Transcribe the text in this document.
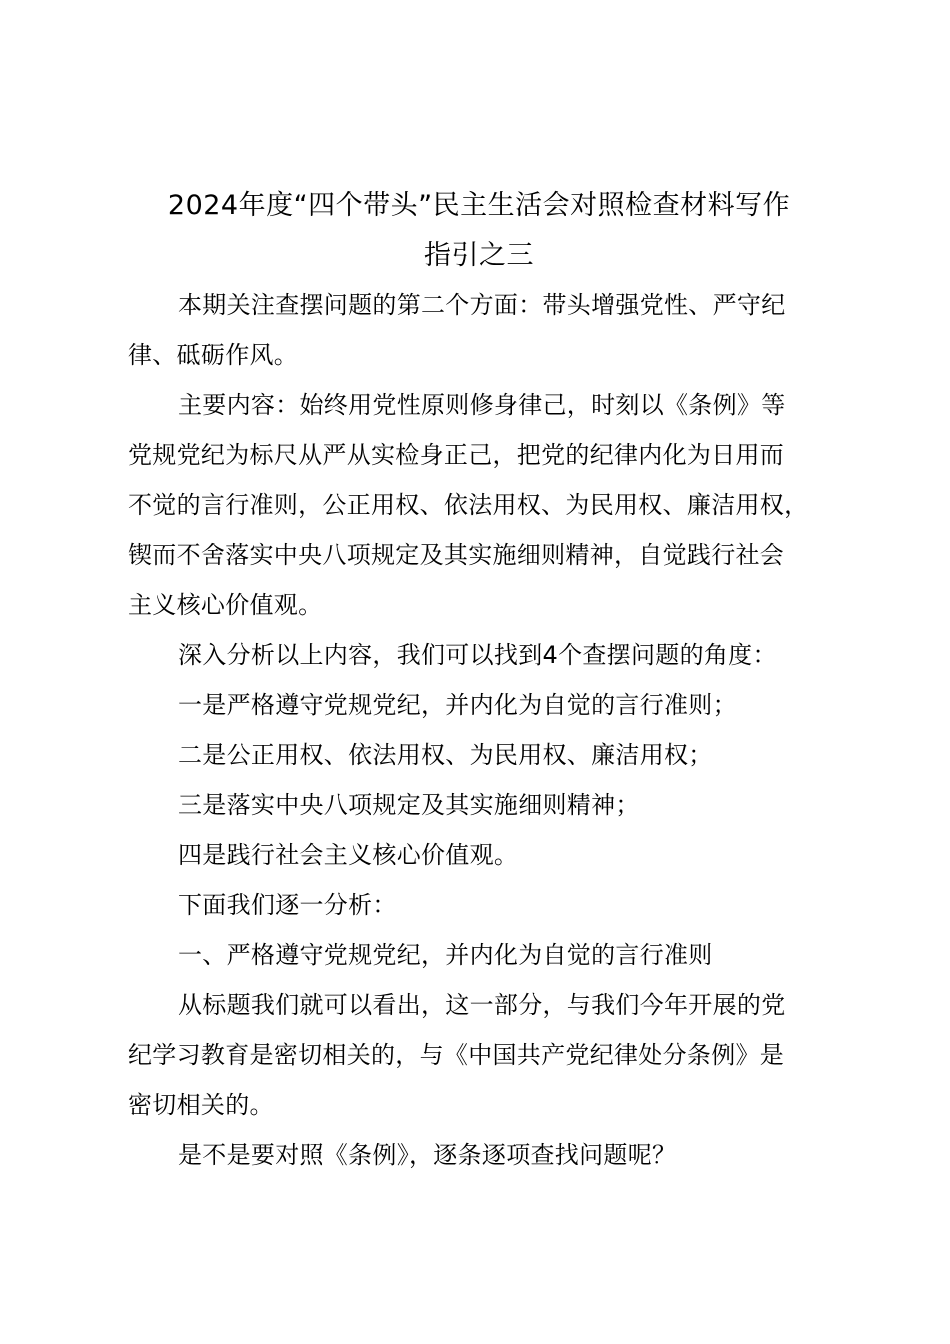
2024年度“四个带头”民主生活会对照检查材料写作
指引之三
本期关注查摆问题的第二个方面：带头增强党性、严守纪
律、砥砺作风。
主要内容：始终用党性原则修身律己，时刻以《条例》等
党规党纪为标尺从严从实检身正己，把党的纪律内化为日用而
不觉的言行准则，公正用权、依法用权、为民用权、廉洁用权，
锲而不舍落实中央八项规定及其实施细则精神，自觉践行社会
主义核心价值观。
深入分析以上内容，我们可以找到4个查摆问题的角度：
一是严格遵守党规党纪，并内化为自觉的言行准则；
二是公正用权、依法用权、为民用权、廉洁用权；
三是落实中央八项规定及其实施细则精神；
四是践行社会主义核心价值观。
下面我们逐一分析：
一、严格遵守党规党纪，并内化为自觉的言行准则
从标题我们就可以看出，这一部分，与我们今年开展的党
纪学习教育是密切相关的，与《中国共产党纪律处分条例》是
密切相关的。
是不是要对照《条例》，逐条逐项查找问题呢？
